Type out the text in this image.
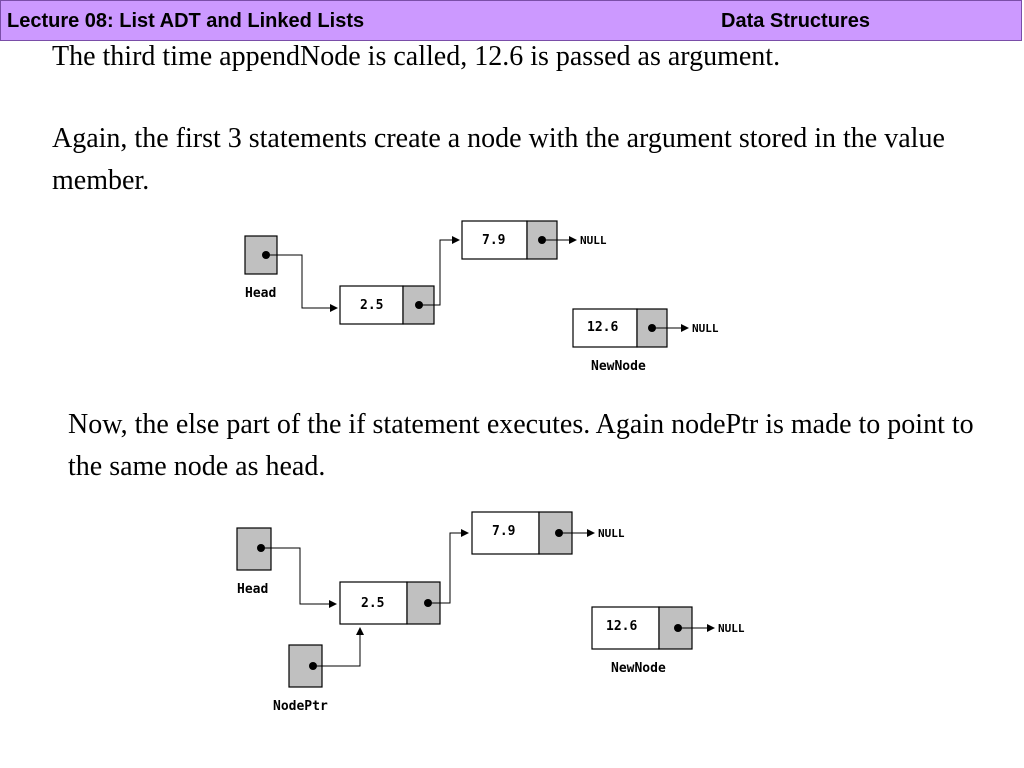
Lecture 08: List ADT and Linked Lists	Data Structures

The third time appendNode is called, 12.6 is passed as argument.

Again, the first 3 statements create a node with the argument stored in the value member.

Now, the else part of the if statement executes. Again nodePtr is made to point to the same node as head.

Head
2.5
7.9	NULL
12.6	NULL
NewNode
Head
2.5
7.9	NULL
NodePtr
12.6	NULL
NewNode
